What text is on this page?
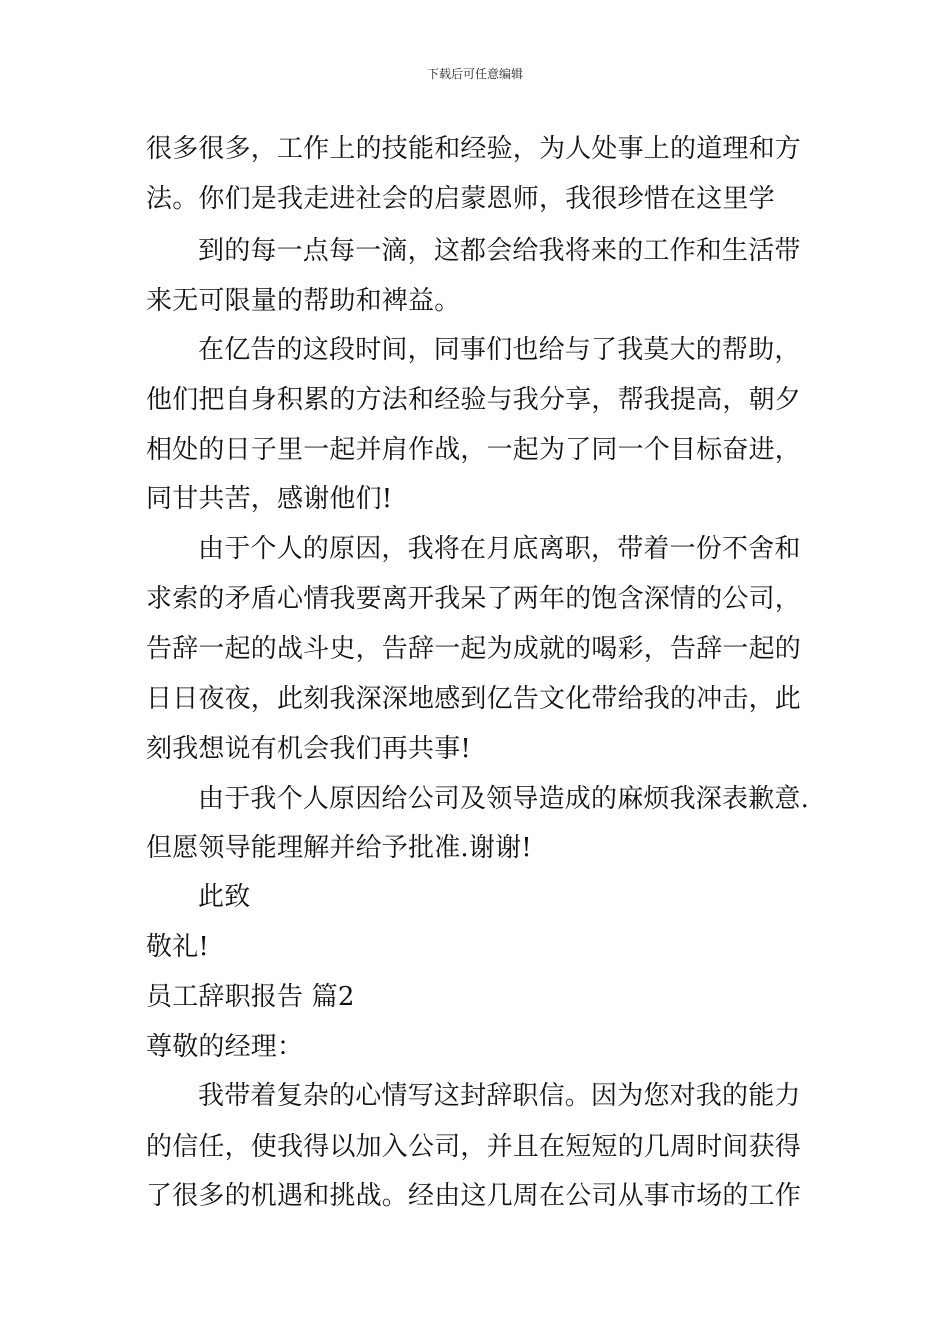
下载后可任意编辑
很多很多，工作上的技能和经验，为人处事上的道理和方
法。你们是我走进社会的启蒙恩师，我很珍惜在这里学
到的每一点每一滴，这都会给我将来的工作和生活带
来无可限量的帮助和裨益。
在亿告的这段时间，同事们也给与了我莫大的帮助，
他们把自身积累的方法和经验与我分享，帮我提高，朝夕
相处的日子里一起并肩作战，一起为了同一个目标奋进，
同甘共苦，感谢他们!
由于个人的原因，我将在月底离职，带着一份不舍和
求索的矛盾心情我要离开我呆了两年的饱含深情的公司，
告辞一起的战斗史，告辞一起为成就的喝彩，告辞一起的
日日夜夜，此刻我深深地感到亿告文化带给我的冲击，此
刻我想说有机会我们再共事!
由于我个人原因给公司及领导造成的麻烦我深表歉意.
但愿领导能理解并给予批准.谢谢!
此致
敬礼!
员工辞职报告 篇2
尊敬的经理：
我带着复杂的心情写这封辞职信。因为您对我的能力
的信任，使我得以加入公司，并且在短短的几周时间获得
了很多的机遇和挑战。经由这几周在公司从事市场的工作
